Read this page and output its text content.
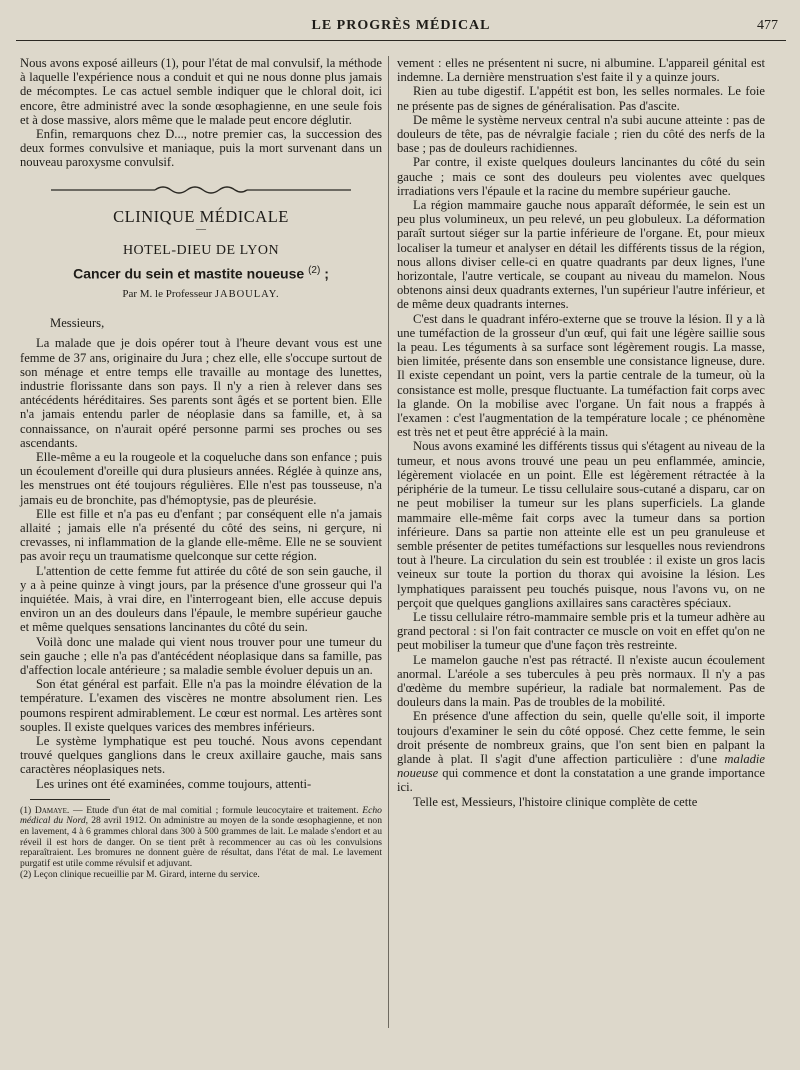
LE PROGRÈS MÉDICAL	477

Nous avons exposé ailleurs (1), pour l'état de mal convulsif, la méthode à laquelle l'expérience nous a conduit et qui ne nous donne plus jamais de mécomptes. Le cas actuel semble indiquer que le chloral doit, ici encore, être administré avec la sonde œsophagienne, en une seule fois et à dose massive, alors même que le malade peut encore déglutir.

Enfin, remarquons chez D..., notre premier cas, la succession des deux formes convulsive et maniaque, puis la mort survenant dans un nouveau paroxysme convulsif.

CLINIQUE MÉDICALE
—
HOTEL-DIEU DE LYON
Cancer du sein et mastite noueuse $^{(2)}$ ;
Par M. le Professeur JABOULAY.

Messieurs,

La malade que je dois opérer tout à l'heure devant vous est une femme de 37 ans, originaire du Jura ; chez elle, elle s'occupe surtout de son ménage et entre temps elle travaille au montage des lunettes, industrie florissante dans son pays. Il n'y a rien à relever dans ses antécédents héréditaires. Ses parents sont âgés et se portent bien. Elle n'a jamais entendu parler de néoplasie dans sa famille, et, à sa connaissance, on n'aurait opéré personne parmi ses proches ou ses ascendants.

Elle-même a eu la rougeole et la coqueluche dans son enfance ; puis un écoulement d'oreille qui dura plusieurs années. Réglée à quinze ans, les menstrues ont été toujours régulières. Elle n'est pas tousseuse, n'a jamais eu de bronchite, pas d'hémoptysie, pas de pleurésie.

Elle est fille et n'a pas eu d'enfant ; par conséquent elle n'a jamais allaité ; jamais elle n'a présenté du côté des seins, ni gerçure, ni crevasses, ni inflammation de la glande elle-même. Elle ne se souvient pas avoir reçu un traumatisme quelconque sur cette région.

L'attention de cette femme fut attirée du côté de son sein gauche, il y a à peine quinze à vingt jours, par la présence d'une grosseur qui l'a inquiétée. Mais, à vrai dire, en l'interrogeant bien, elle accuse depuis environ un an des douleurs dans l'épaule, le membre supérieur gauche et même quelques sensations lancinantes du côté du sein.

Voilà donc une malade qui vient nous trouver pour une tumeur du sein gauche ; elle n'a pas d'antécédent néoplasique dans sa famille, pas d'affection locale antérieure ; sa maladie semble évoluer depuis un an.

Son état général est parfait. Elle n'a pas la moindre élévation de la température. L'examen des viscères ne montre absolument rien. Les poumons respirent admirablement. Le cœur est normal. Les artères sont souples. Il existe quelques varices des membres inférieurs.

Le système lymphatique est peu touché. Nous avons cependant trouvé quelques ganglions dans le creux axillaire gauche, mais sans caractères néoplasiques nets.

Les urines ont été examinées, comme toujours, attenti-

(1) Damaye. — Etude d'un état de mal comitial ; formule leucocytaire et traitement. Echo médical du Nord, 28 avril 1912. On administre au moyen de la sonde œsophagienne, et non en lavement, 4 à 6 grammes chloral dans 300 à 500 grammes de lait. Le malade s'endort et au réveil il est hors de danger. On se tient prêt à recommencer au cas où les convulsions reparaîtraient. Les bromures ne donnent guère de résultat, dans l'état de mal. Le lavement purgatif est utile comme révulsif et adjuvant.

(2) Leçon clinique recueillie par M. Girard, interne du service.

vement : elles ne présentent ni sucre, ni albumine. L'appareil génital est indemne. La dernière menstruation s'est faite il y a quinze jours.

Rien au tube digestif. L'appétit est bon, les selles normales. Le foie ne présente pas de signes de généralisation. Pas d'ascite.

De même le système nerveux central n'a subi aucune atteinte : pas de douleurs de tête, pas de névralgie faciale ; rien du côté des nerfs de la base ; pas de douleurs rachidiennes.

Par contre, il existe quelques douleurs lancinantes du côté du sein gauche ; mais ce sont des douleurs peu violentes avec quelques irradiations vers l'épaule et la racine du membre supérieur gauche.

La région mammaire gauche nous apparaît déformée, le sein est un peu plus volumineux, un peu relevé, un peu globuleux. La déformation paraît surtout siéger sur la partie inférieure de l'organe. Et, pour mieux localiser la tumeur et analyser en détail les différents tissus de la région, nous allons diviser celle-ci en quatre quadrants par deux lignes, l'une horizontale, l'autre verticale, se coupant au niveau du mamelon. Nous obtenons ainsi deux quadrants externes, l'un supérieur l'autre inférieur, et de même deux quadrants internes.

C'est dans le quadrant inféro-externe que se trouve la lésion. Il y a là une tuméfaction de la grosseur d'un œuf, qui fait une légère saillie sous la peau. Les téguments à sa surface sont légèrement rougis. La masse, bien limitée, présente dans son ensemble une consistance ligneuse, dure. Il existe cependant un point, vers la partie centrale de la tumeur, où la consistance est molle, presque fluctuante. La tuméfaction fait corps avec la glande. On la mobilise avec l'organe. Un fait nous a frappés à l'examen : c'est l'augmentation de la température locale ; ce phénomène est très net et peut être apprécié à la main.

Nous avons examiné les différents tissus qui s'étagent au niveau de la tumeur, et nous avons trouvé une peau un peu enflammée, amincie, légèrement violacée en un point. Elle est légèrement rétractée à la périphérie de la tumeur. Le tissu cellulaire sous-cutané a disparu, car on ne peut mobiliser la tumeur sur les plans superficiels. La glande mammaire elle-même fait corps avec la tumeur dans sa portion inférieure. Dans sa partie non atteinte elle est un peu granuleuse et semble présenter de petites tuméfactions sur lesquelles nous reviendrons tout à l'heure. La circulation du sein est troublée : il existe un gros lacis veineux sur toute la portion du thorax qui avoisine la lésion. Les lymphatiques paraissent peu touchés puisque, nous l'avons vu, on ne perçoit que quelques ganglions axillaires sans caractères spéciaux.

Le tissu cellulaire rétro-mammaire semble pris et la tumeur adhère au grand pectoral : si l'on fait contracter ce muscle on voit en effet qu'on ne peut mobiliser la tumeur que d'une façon très restreinte.

Le mamelon gauche n'est pas rétracté. Il n'existe aucun écoulement anormal. L'aréole a ses tubercules à peu près normaux. Il n'y a pas d'œdème du membre supérieur, la radiale bat normalement. Pas de douleurs dans la main. Pas de troubles de la mobilité.

En présence d'une affection du sein, quelle qu'elle soit, il importe toujours d'examiner le sein du côté opposé. Chez cette femme, le sein droit présente de nombreux grains, que l'on sent bien en palpant la glande à plat. Il s'agit d'une affection particulière : d'une maladie noueuse qui commence et dont la constatation a une grande importance ici.

Telle est, Messieurs, l'histoire clinique complète de cette
